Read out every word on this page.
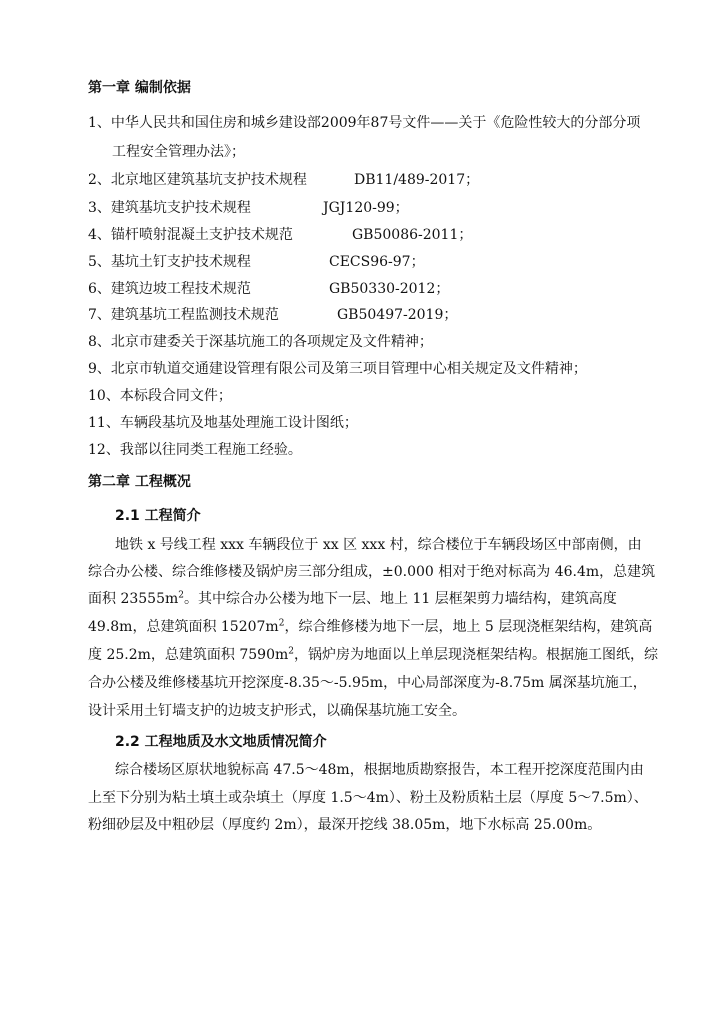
第一章 编制依据
1、中华人民共和国住房和城乡建设部2009年87号文件——关于《危险性较大的分部分项
工程安全管理办法》；
2、北京地区建筑基坑支护技术规程	DB11/489-2017；
3、建筑基坑支护技术规程	JGJ120-99；
4、锚杆喷射混凝土支护技术规范	GB50086-2011；
5、基坑土钉支护技术规程	CECS96-97；
6、建筑边坡工程技术规范	GB50330-2012；
7、建筑基坑工程监测技术规范	GB50497-2019；
8、北京市建委关于深基坑施工的各项规定及文件精神；
9、北京市轨道交通建设管理有限公司及第三项目管理中心相关规定及文件精神；
10、本标段合同文件；
11、车辆段基坑及地基处理施工设计图纸；
12、我部以往同类工程施工经验。
第二章 工程概况
2.1 工程简介
地铁 x 号线工程 xxx 车辆段位于 xx 区 xxx 村，综合楼位于车辆段场区中部南侧，由
综合办公楼、综合维修楼及锅炉房三部分组成，±0.000 相对于绝对标高为 46.4m，总建筑
面积 $23555m^2$。其中综合办公楼为地下一层、地上 11 层框架剪力墙结构，建筑高度
49.8m，总建筑面积 $15207m^2$，综合维修楼为地下一层，地上 5 层现浇框架结构，建筑高
度 25.2m，总建筑面积 $7590m^2$，锅炉房为地面以上单层现浇框架结构。根据施工图纸，综
合办公楼及维修楼基坑开挖深度-8.35～-5.95m，中心局部深度为-8.75m 属深基坑施工，
设计采用土钉墙支护的边坡支护形式，以确保基坑施工安全。
2.2 工程地质及水文地质情况简介
综合楼场区原状地貌标高 47.5～48m，根据地质勘察报告，本工程开挖深度范围内由
上至下分别为粘土填土或杂填土（厚度 1.5～4m）、粉土及粉质粘土层（厚度 5～7.5m）、
粉细砂层及中粗砂层（厚度约 2m），最深开挖线 38.05m，地下水标高 25.00m。
